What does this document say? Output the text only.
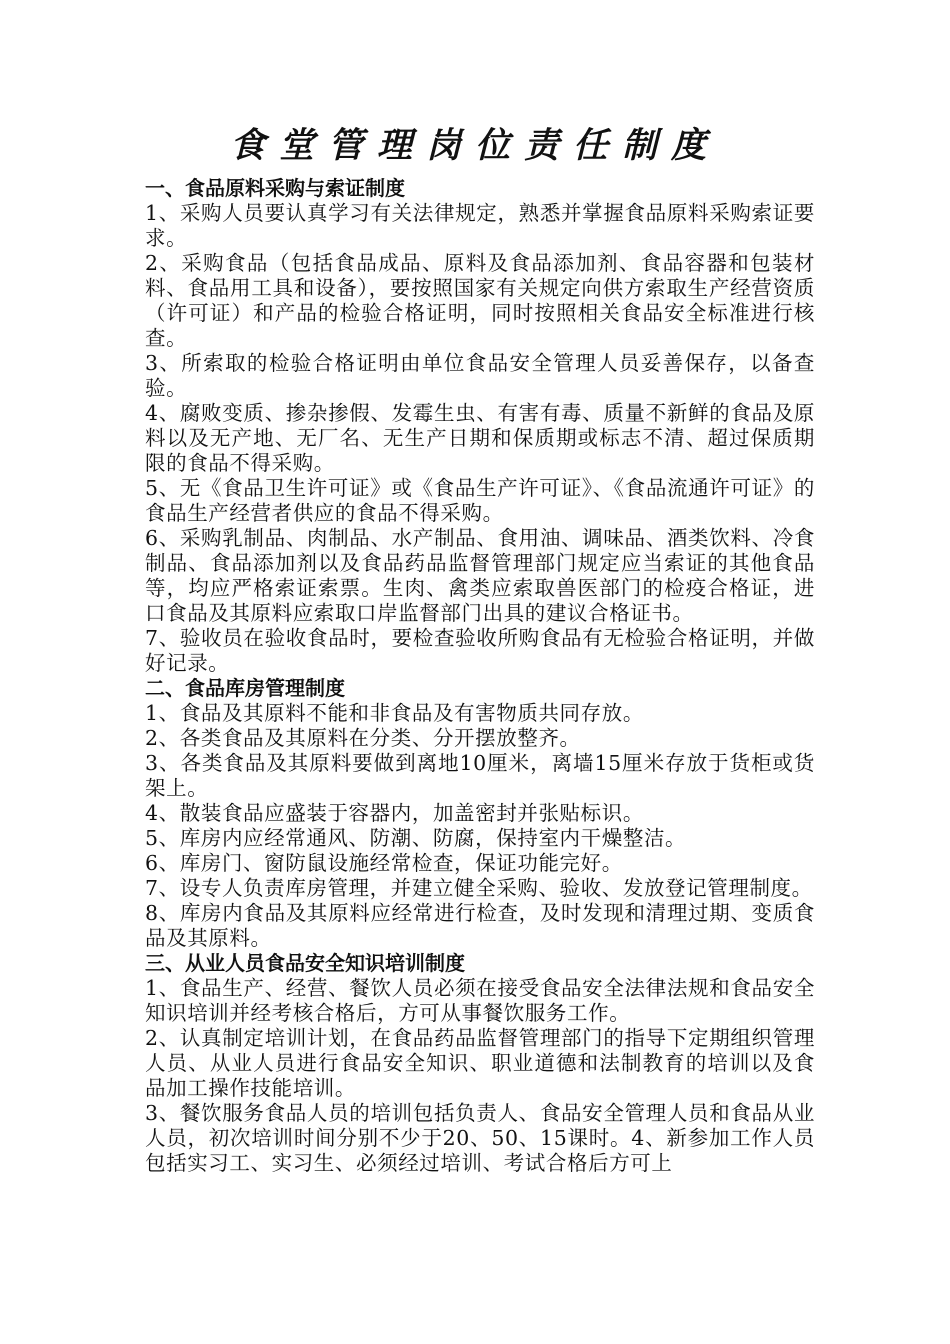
食堂管理岗位责任制度
一、食品原料采购与索证制度
1、采购人员要认真学习有关法律规定，熟悉并掌握食品原料采购索证要求。
2、采购食品（包括食品成品、原料及食品添加剂、食品容器和包装材料、食品用工具和设备），要按照国家有关规定向供方索取生产经营资质（许可证）和产品的检验合格证明，同时按照相关食品安全标准进行核查。
3、所索取的检验合格证明由单位食品安全管理人员妥善保存，以备查验。
4、腐败变质、掺杂掺假、发霉生虫、有害有毒、质量不新鲜的食品及原料以及无产地、无厂名、无生产日期和保质期或标志不清、超过保质期限的食品不得采购。
5、无《食品卫生许可证》或《食品生产许可证》、《食品流通许可证》的食品生产经营者供应的食品不得采购。
6、采购乳制品、肉制品、水产制品、食用油、调味品、酒类饮料、冷食制品、食品添加剂以及食品药品监督管理部门规定应当索证的其他食品等，均应严格索证索票。生肉、禽类应索取兽医部门的检疫合格证，进口食品及其原料应索取口岸监督部门出具的建议合格证书。
7、验收员在验收食品时，要检查验收所购食品有无检验合格证明，并做好记录。
二、食品库房管理制度
1、食品及其原料不能和非食品及有害物质共同存放。
2、各类食品及其原料在分类、分开摆放整齐。
3、各类食品及其原料要做到离地10厘米，离墙15厘米存放于货柜或货架上。
4、散装食品应盛装于容器内，加盖密封并张贴标识。
5、库房内应经常通风、防潮、防腐，保持室内干燥整洁。
6、库房门、窗防鼠设施经常检查，保证功能完好。
7、设专人负责库房管理，并建立健全采购、验收、发放登记管理制度。
8、库房内食品及其原料应经常进行检查，及时发现和清理过期、变质食品及其原料。
三、从业人员食品安全知识培训制度
1、食品生产、经营、餐饮人员必须在接受食品安全法律法规和食品安全知识培训并经考核合格后，方可从事餐饮服务工作。
2、认真制定培训计划，在食品药品监督管理部门的指导下定期组织管理人员、从业人员进行食品安全知识、职业道德和法制教育的培训以及食品加工操作技能培训。
3、餐饮服务食品人员的培训包括负责人、食品安全管理人员和食品从业人员，初次培训时间分别不少于20、50、15课时。4、新参加工作人员包括实习工、实习生、必须经过培训、考试合格后方可上
